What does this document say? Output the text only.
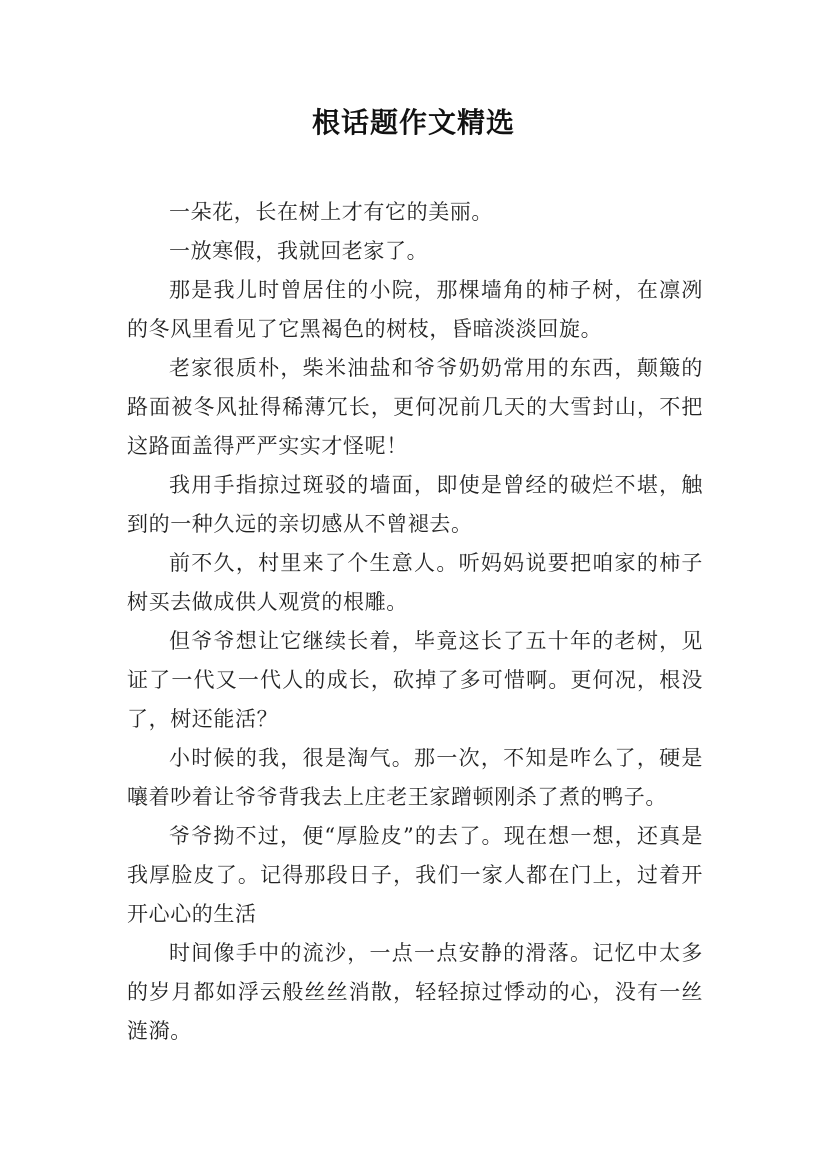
根话题作文精选

一朵花，长在树上才有它的美丽。

一放寒假，我就回老家了。

那是我儿时曾居住的小院，那棵墙角的柿子树，在凛冽的冬风里看见了它黑褐色的树枝，昏暗淡淡回旋。

老家很质朴，柴米油盐和爷爷奶奶常用的东西，颠簸的路面被冬风扯得稀薄冗长，更何况前几天的大雪封山，不把这路面盖得严严实实才怪呢！

我用手指掠过斑驳的墙面，即使是曾经的破烂不堪，触到的一种久远的亲切感从不曾褪去。

前不久，村里来了个生意人。听妈妈说要把咱家的柿子树买去做成供人观赏的根雕。

但爷爷想让它继续长着，毕竟这长了五十年的老树，见证了一代又一代人的成长，砍掉了多可惜啊。更何况，根没了，树还能活？

小时候的我，很是淘气。那一次，不知是咋么了，硬是嚷着吵着让爷爷背我去上庄老王家蹭顿刚杀了煮的鸭子。

爷爷拗不过，便“厚脸皮”的去了。现在想一想，还真是我厚脸皮了。记得那段日子，我们一家人都在门上，过着开开心心的生活

时间像手中的流沙，一点一点安静的滑落。记忆中太多的岁月都如浮云般丝丝消散，轻轻掠过悸动的心，没有一丝涟漪。
